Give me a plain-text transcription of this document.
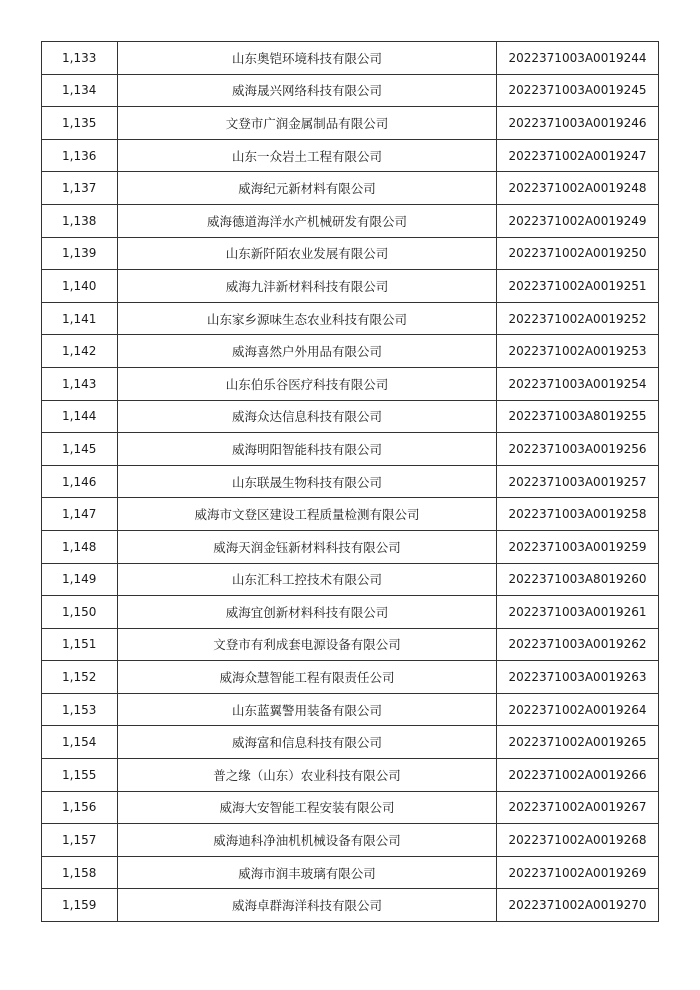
1,133	山东奥铠环境科技有限公司	2022371003A0019244
1,134	威海晟兴网络科技有限公司	2022371003A0019245
1,135	文登市广润金属制品有限公司	2022371003A0019246
1,136	山东一众岩土工程有限公司	2022371002A0019247
1,137	威海纪元新材料有限公司	2022371002A0019248
1,138	威海德道海洋水产机械研发有限公司	2022371002A0019249
1,139	山东新阡陌农业发展有限公司	2022371002A0019250
1,140	威海九沣新材料科技有限公司	2022371002A0019251
1,141	山东家乡源味生态农业科技有限公司	2022371002A0019252
1,142	威海喜然户外用品有限公司	2022371002A0019253
1,143	山东伯乐谷医疗科技有限公司	2022371003A0019254
1,144	威海众达信息科技有限公司	2022371003A8019255
1,145	威海明阳智能科技有限公司	2022371003A0019256
1,146	山东联晟生物科技有限公司	2022371003A0019257
1,147	威海市文登区建设工程质量检测有限公司	2022371003A0019258
1,148	威海天润金钰新材料科技有限公司	2022371003A0019259
1,149	山东汇科工控技术有限公司	2022371003A8019260
1,150	威海宜创新材料科技有限公司	2022371003A0019261
1,151	文登市有利成套电源设备有限公司	2022371003A0019262
1,152	威海众慧智能工程有限责任公司	2022371003A0019263
1,153	山东蓝翼警用装备有限公司	2022371002A0019264
1,154	威海富和信息科技有限公司	2022371002A0019265
1,155	普之缘（山东）农业科技有限公司	2022371002A0019266
1,156	威海大安智能工程安装有限公司	2022371002A0019267
1,157	威海迪科净油机机械设备有限公司	2022371002A0019268
1,158	威海市润丰玻璃有限公司	2022371002A0019269
1,159	威海卓群海洋科技有限公司	2022371002A0019270
